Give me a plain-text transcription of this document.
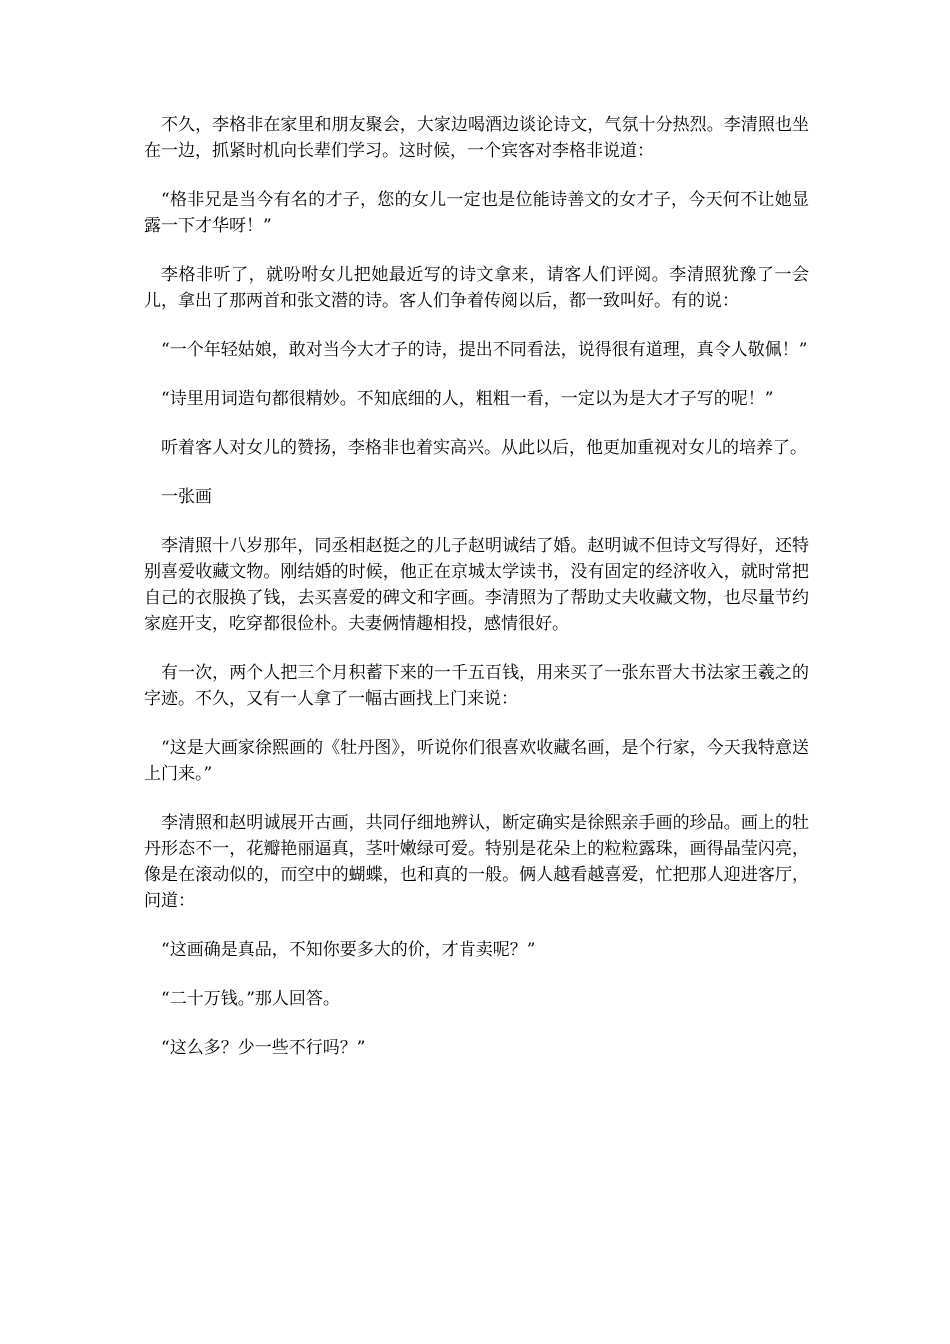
不久，李格非在家里和朋友聚会，大家边喝酒边谈论诗文，气氛十分热烈。李清照也坐在一边，抓紧时机向长辈们学习。这时候，一个宾客对李格非说道：

“格非兄是当今有名的才子，您的女儿一定也是位能诗善文的女才子，今天何不让她显露一下才华呀！”

李格非听了，就吩咐女儿把她最近写的诗文拿来，请客人们评阅。李清照犹豫了一会儿，拿出了那两首和张文潜的诗。客人们争着传阅以后，都一致叫好。有的说：

“一个年轻姑娘，敢对当今大才子的诗，提出不同看法，说得很有道理，真令人敬佩！”

“诗里用词造句都很精妙。不知底细的人，粗粗一看，一定以为是大才子写的呢！”

听着客人对女儿的赞扬，李格非也着实高兴。从此以后，他更加重视对女儿的培养了。

一张画

李清照十八岁那年，同丞相赵挺之的儿子赵明诚结了婚。赵明诚不但诗文写得好，还特别喜爱收藏文物。刚结婚的时候，他正在京城太学读书，没有固定的经济收入，就时常把自己的衣服换了钱，去买喜爱的碑文和字画。李清照为了帮助丈夫收藏文物，也尽量节约家庭开支，吃穿都很俭朴。夫妻俩情趣相投，感情很好。

有一次，两个人把三个月积蓄下来的一千五百钱，用来买了一张东晋大书法家王羲之的字迹。不久，又有一人拿了一幅古画找上门来说：

“这是大画家徐熙画的《牡丹图》，听说你们很喜欢收藏名画，是个行家，今天我特意送上门来。”

李清照和赵明诚展开古画，共同仔细地辨认，断定确实是徐熙亲手画的珍品。画上的牡丹形态不一，花瓣艳丽逼真，茎叶嫩绿可爱。特别是花朵上的粒粒露珠，画得晶莹闪亮，像是在滚动似的，而空中的蝴蝶，也和真的一般。俩人越看越喜爱，忙把那人迎进客厅，问道：

“这画确是真品，不知你要多大的价，才肯卖呢？”

“二十万钱。”那人回答。

“这么多？少一些不行吗？”
